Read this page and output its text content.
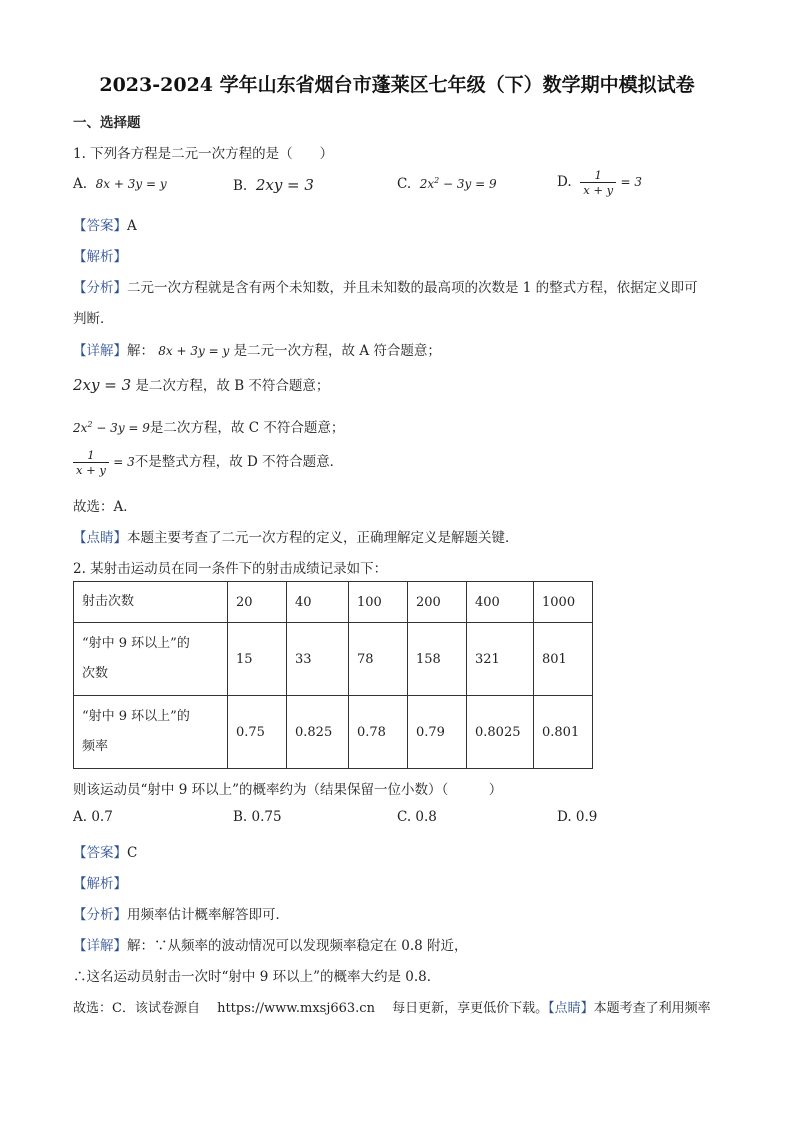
2023-2024 学年山东省烟台市蓬莱区七年级（下）数学期中模拟试卷
一、选择题
1. 下列各方程是二元一次方程的是（　　）
A. 8x + 3y = y	B. 2xy = 3	C. $2x^2 - 3y = 9$	D. $\frac{1}{x + y} = 3$
【答案】A
【解析】
【分析】二元一次方程就是含有两个未知数，并且未知数的最高项的次数是 1 的整式方程，依据定义即可
判断．
【详解】解： 8x + 3y = y 是二元一次方程，故 A 符合题意；
2xy = 3 是二次方程，故 B 不符合题意；
$2x^2 - 3y = 9$是二次方程，故 C 不符合题意；
$\frac{1}{x + y} = 3$不是整式方程，故 D 不符合题意．
故选：A．
【点睛】本题主要考查了二元一次方程的定义，正确理解定义是解题关键．
2. 某射击运动员在同一条件下的射击成绩记录如下：
射击次数	20	40	100	200	400	1000

“射中 9 环以上”的
次数	15	33	78	158	321	801

“射中 9 环以上”的
频率	0.75	0.825	0.78	0.79	0.8025	0.801
则该运动员“射中 9 环以上”的概率约为（结果保留一位小数）（　　　）
A. 0.7	B. 0.75	C. 0.8	D. 0.9
【答案】C
【解析】
【分析】用频率估计概率解答即可．
【详解】解：∵从频率的波动情况可以发现频率稳定在 0.8 附近，
∴这名运动员射击一次时“射中 9 环以上”的概率大约是 0.8．
故选：C．该试卷源自　 https://www.mxsj663.cn　 每日更新，享更低价下载。【点睛】本题考查了利用频率
